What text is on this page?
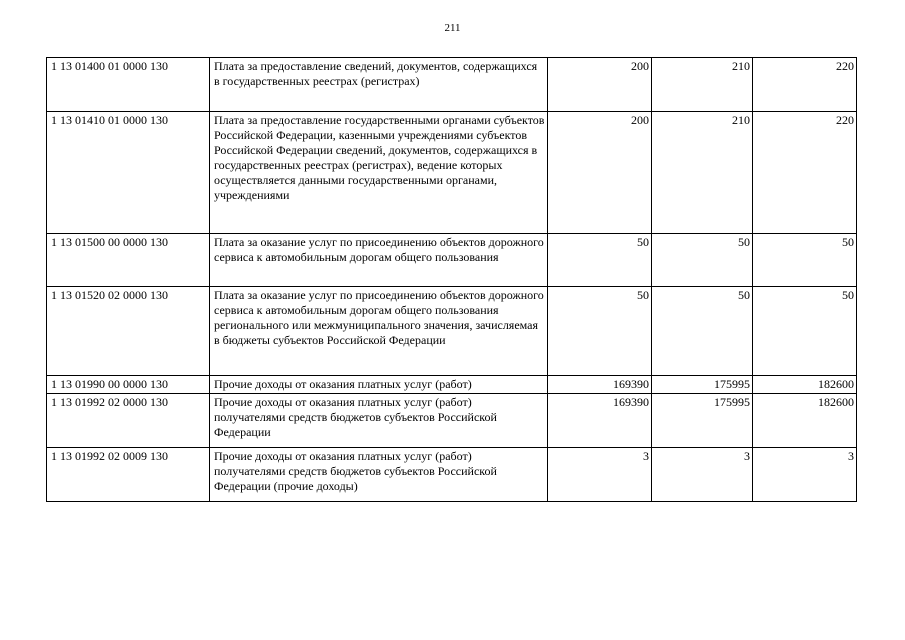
211
1 13 01400 01 0000 130	Плата за предоставление сведений, документов, содержащихся в государственных реестрах (регистрах)	200	210	220
1 13 01410 01 0000 130	Плата за предоставление государственными органами субъектов Российской Федерации, казенными учреждениями субъектов Российской Федерации сведений, документов, содержащихся в государственных реестрах (регистрах), ведение которых осуществляется данными государственными органами, учреждениями	200	210	220
1 13 01500 00 0000 130	Плата за оказание услуг по присоединению объектов дорожного сервиса к автомобильным дорогам общего пользования	50	50	50
1 13 01520 02 0000 130	Плата за оказание услуг по присоединению объектов дорожного сервиса к автомобильным дорогам общего пользования регионального или межмуниципального значения, зачисляемая в бюджеты субъектов Российской Федерации	50	50	50
1 13 01990 00 0000 130	Прочие доходы от оказания платных услуг (работ)	169390	175995	182600
1 13 01992 02 0000 130	Прочие доходы от оказания платных услуг (работ) получателями средств бюджетов субъектов Российской Федерации	169390	175995	182600
1 13 01992 02 0009 130	Прочие доходы от оказания платных услуг (работ) получателями средств бюджетов субъектов Российской Федерации (прочие доходы)	3	3	3
